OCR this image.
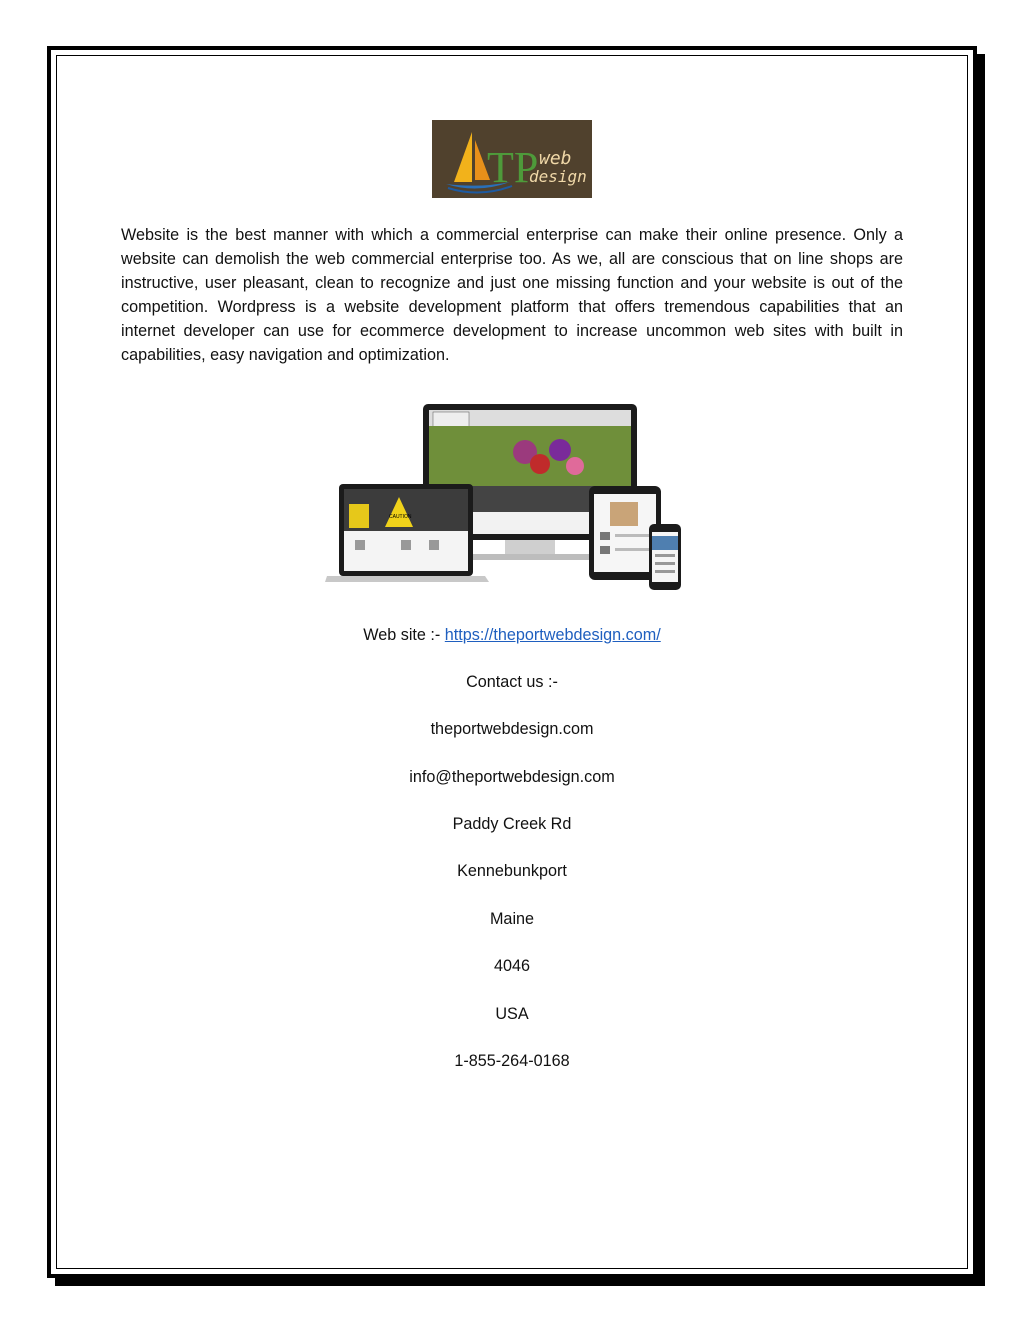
TP web
design

Website is the best manner with which a commercial enterprise can make their online presence. Only a website can demolish the web commercial enterprise too. As we, all are conscious that on line shops are instructive, user pleasant, clean to recognize and just one missing function and your website is out of the competition. Wordpress is a website development platform that offers tremendous capabilities that an internet developer can use for ecommerce development to increase uncommon web sites with built in capabilities, easy navigation and optimization.

CAUTION
Web site :- https://theportwebdesign.com/
Contact us :-
theportwebdesign.com
info@theportwebdesign.com
Paddy Creek Rd
Kennebunkport
Maine
4046
USA
1-855-264-0168
